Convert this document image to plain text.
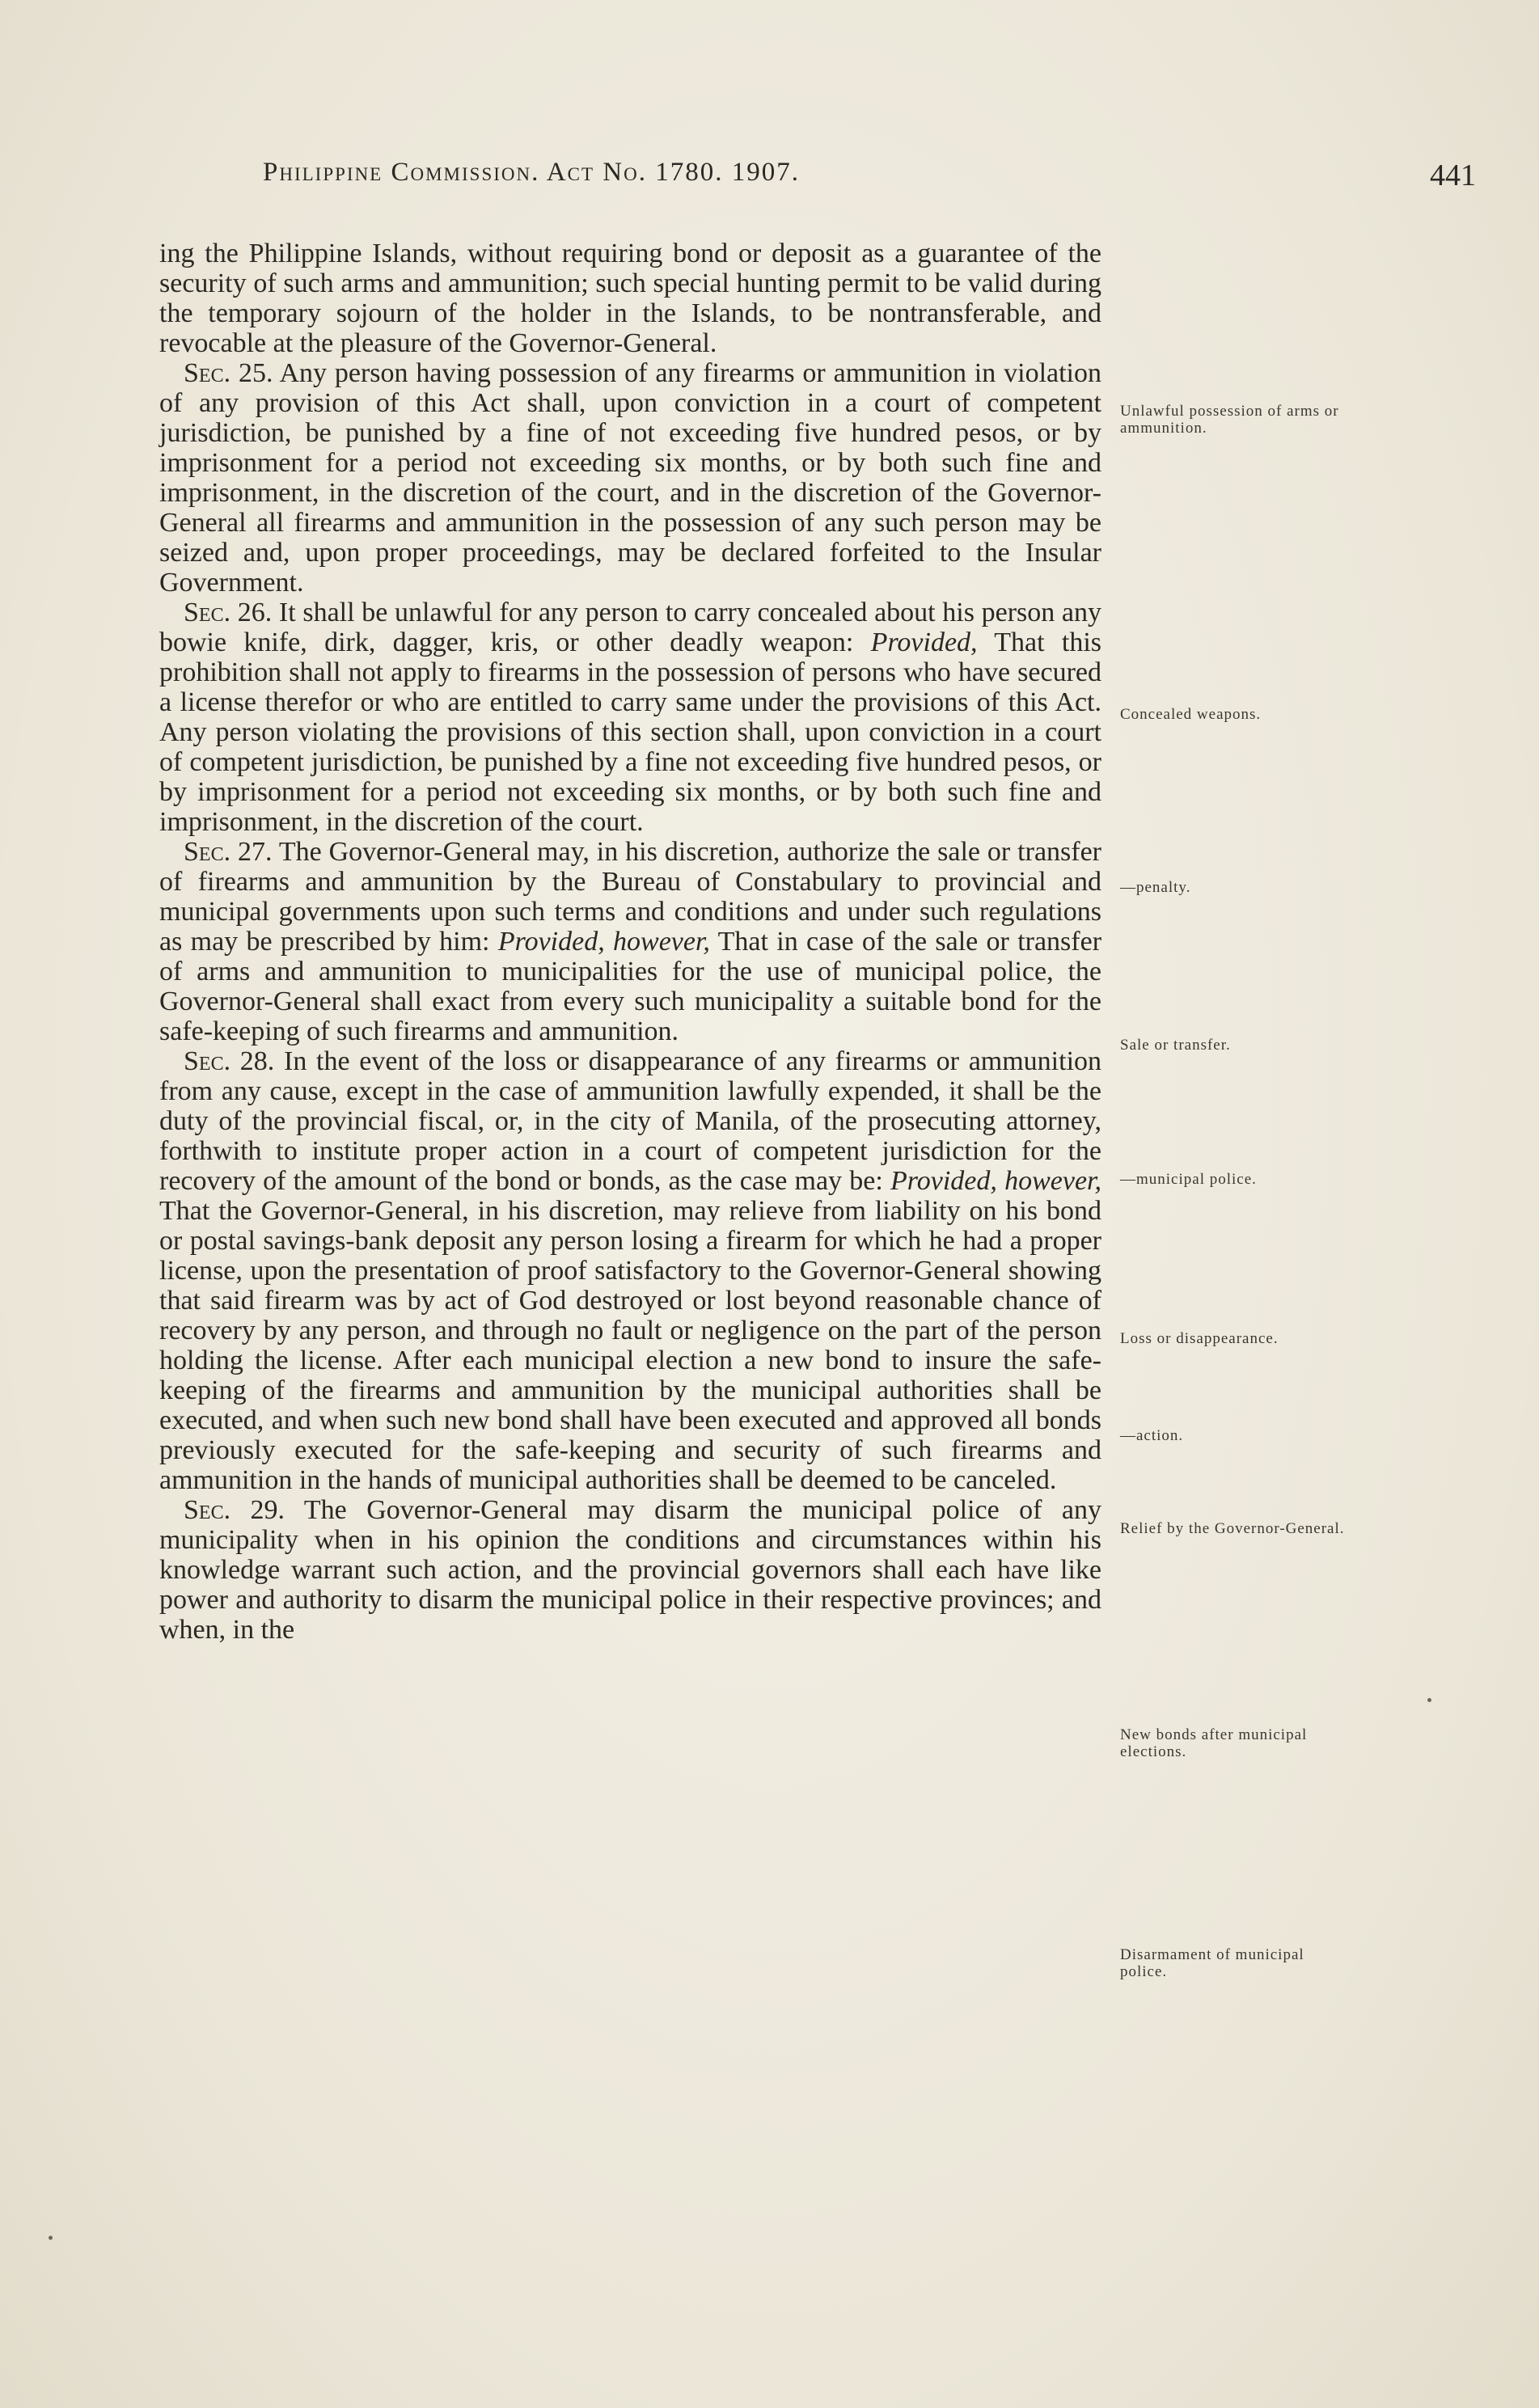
Philippine Commission. Act No. 1780. 1907.	441

ing the Philippine Islands, without requiring bond or deposit as a guarantee of the security of such arms and ammunition; such special hunting permit to be valid during the temporary sojourn of the holder in the Islands, to be nontransferable, and revocable at the pleasure of the Governor-General.

Sec. 25. Any person having possession of any firearms or ammunition in violation of any provision of this Act shall, upon conviction in a court of competent jurisdiction, be punished by a fine of not exceeding five hundred pesos, or by imprisonment for a period not exceeding six months, or by both such fine and imprisonment, in the discretion of the court, and in the discretion of the Governor-General all firearms and ammunition in the possession of any such person may be seized and, upon proper proceedings, may be declared forfeited to the Insular Government.

Sec. 26. It shall be unlawful for any person to carry concealed about his person any bowie knife, dirk, dagger, kris, or other deadly weapon: Provided, That this prohibition shall not apply to firearms in the possession of persons who have secured a license therefor or who are entitled to carry same under the provisions of this Act. Any person violating the provisions of this section shall, upon conviction in a court of competent jurisdiction, be punished by a fine not exceeding five hundred pesos, or by imprisonment for a period not exceeding six months, or by both such fine and imprisonment, in the discretion of the court.

Sec. 27. The Governor-General may, in his discretion, authorize the sale or transfer of firearms and ammunition by the Bureau of Constabulary to provincial and municipal governments upon such terms and conditions and under such regulations as may be prescribed by him: Provided, however, That in case of the sale or transfer of arms and ammunition to municipalities for the use of municipal police, the Governor-General shall exact from every such municipality a suitable bond for the safe-keeping of such firearms and ammunition.

Sec. 28. In the event of the loss or disappearance of any firearms or ammunition from any cause, except in the case of ammunition lawfully expended, it shall be the duty of the provincial fiscal, or, in the city of Manila, of the prosecuting attorney, forthwith to institute proper action in a court of competent jurisdiction for the recovery of the amount of the bond or bonds, as the case may be: Provided, however, That the Governor-General, in his discretion, may relieve from liability on his bond or postal savings-bank deposit any person losing a firearm for which he had a proper license, upon the presentation of proof satisfactory to the Governor-General showing that said firearm was by act of God destroyed or lost beyond reasonable chance of recovery by any person, and through no fault or negligence on the part of the person holding the license. After each municipal election a new bond to insure the safe-keeping of the firearms and ammunition by the municipal authorities shall be executed, and when such new bond shall have been executed and approved all bonds previously executed for the safe-keeping and security of such firearms and ammunition in the hands of municipal authorities shall be deemed to be canceled.

Sec. 29. The Governor-General may disarm the municipal police of any municipality when in his opinion the conditions and circumstances within his knowledge warrant such action, and the provincial governors shall each have like power and authority to disarm the municipal police in their respective provinces; and when, in the

Unlawful possession of arms or ammunition.
Concealed weapons.
—penalty.
Sale or transfer.
—municipal police.
Loss or disappearance.
—action.
Relief by the Governor-General.
New bonds after municipal elections.
Disarmament of municipal police.
